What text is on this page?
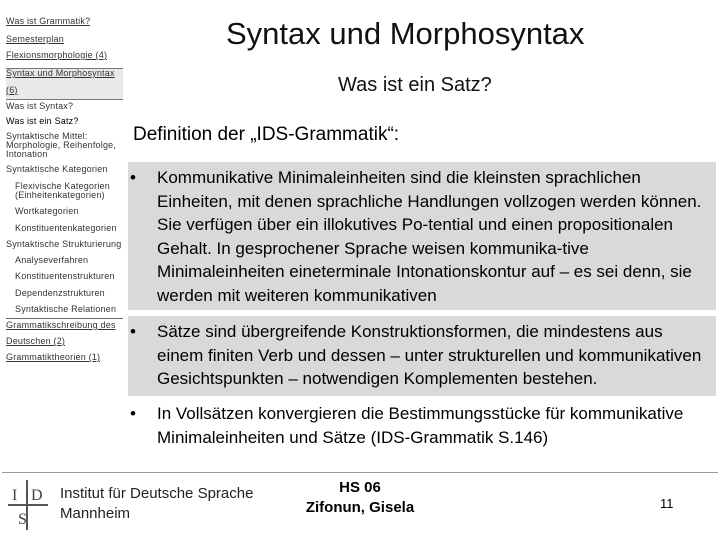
Was ist Grammatik?
Semesterplan
Flexionsmorphologie (4)
Syntax und Morphosyntax
(6)
Was ist Syntax?
Was ist ein Satz?
Syntaktische Mittel:
Morphologie, Reihenfolge,
Intonation
Syntaktische Kategorien
Flexivische Kategorien
(Einheitenkategorien)
Wortkategorien
Konstituentenkategorien
Syntaktische Strukturierung
Analyseverfahren
Konstituentenstrukturen
Dependenzstrukturen
Syntaktische Relationen
Grammatikschreibung des
Deutschen (2)
Grammatiktheorien (1)
Syntax und Morphosyntax
Was ist ein Satz?
Definition der „IDS-Grammatik“:
•	Kommunikative Minimaleinheiten sind die kleinsten sprachlichen Einheiten, mit denen sprachliche Handlungen vollzogen werden können. Sie verfügen über ein illokutives Po-tential und einen propositionalen Gehalt. In gesprochener Sprache weisen kommunika-tive Minimaleinheiten eineterminale Intonationskontur auf – es sei denn, sie werden mit weiteren kommunikativen
•	Sätze sind übergreifende Konstruktionsformen, die mindestens aus einem finiten Verb und dessen – unter strukturellen und kommunikativen Gesichtspunkten – notwendigen Komplementen bestehen.
•	In Vollsätzen konvergieren die Bestimmungsstücke für kommunikative Minimaleinheiten und Sätze (IDS-Grammatik S.146)
I D
S
Institut für Deutsche Sprache
Mannheim
HS 06
Zifonun, Gisela	11
